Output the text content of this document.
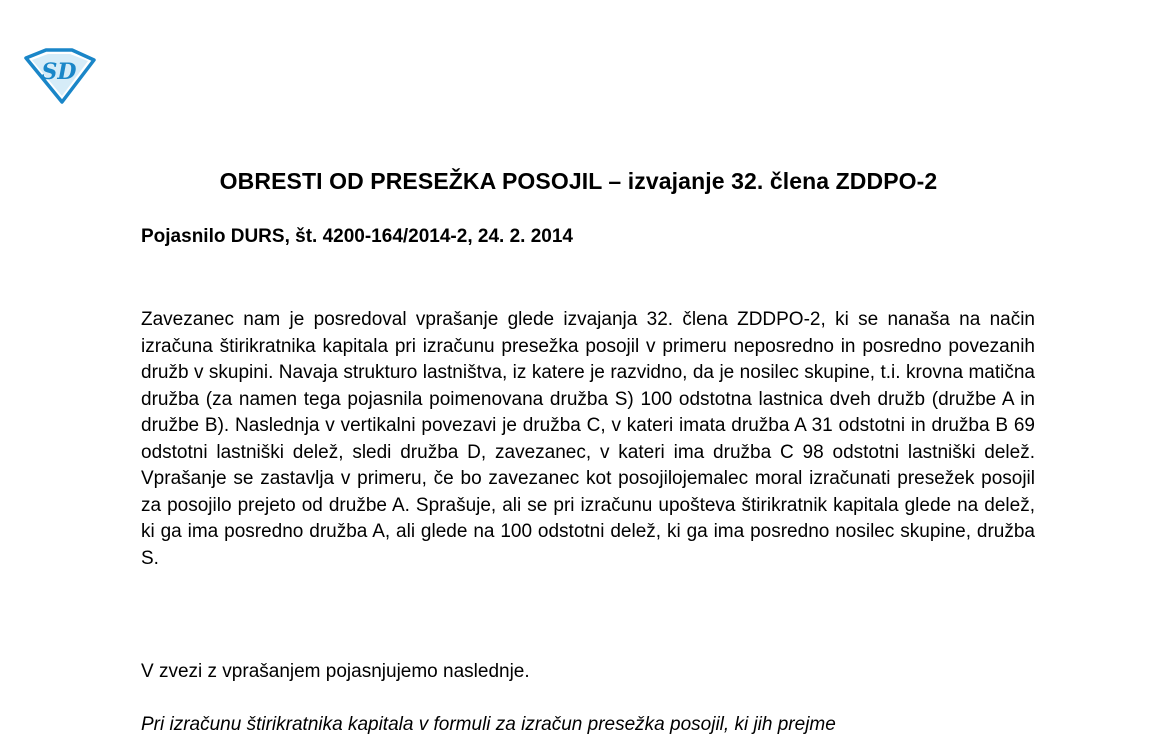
SD
OBRESTI OD PRESEŽKA POSOJIL – izvajanje 32. člena ZDDPO-2
Pojasnilo DURS, št. 4200-164/2014-2, 24. 2. 2014
Zavezanec nam je posredoval vprašanje glede izvajanja 32. člena ZDDPO-2, ki se nanaša na način izračuna štirikratnika kapitala pri izračunu presežka posojil v primeru neposredno in posredno povezanih družb v skupini. Navaja strukturo lastništva, iz katere je razvidno, da je nosilec skupine, t.i. krovna matična družba (za namen tega pojasnila poimenovana družba S) 100 odstotna lastnica dveh družb (družbe A in družbe B). Naslednja v vertikalni povezavi je družba C, v kateri imata družba A 31 odstotni in družba B 69 odstotni lastniški delež, sledi družba D, zavezanec, v kateri ima družba C 98 odstotni lastniški delež. Vprašanje se zastavlja v primeru, če bo zavezanec kot posojilojemalec moral izračunati presežek posojil za posojilo prejeto od družbe A. Sprašuje, ali se pri izračunu upošteva štirikratnik kapitala glede na delež, ki ga ima posredno družba A, ali glede na 100 odstotni delež, ki ga ima posredno nosilec skupine, družba S.
V zvezi z vprašanjem pojasnjujemo naslednje.
Pri izračunu štirikratnika kapitala v formuli za izračun presežka posojil, ki jih prejme
